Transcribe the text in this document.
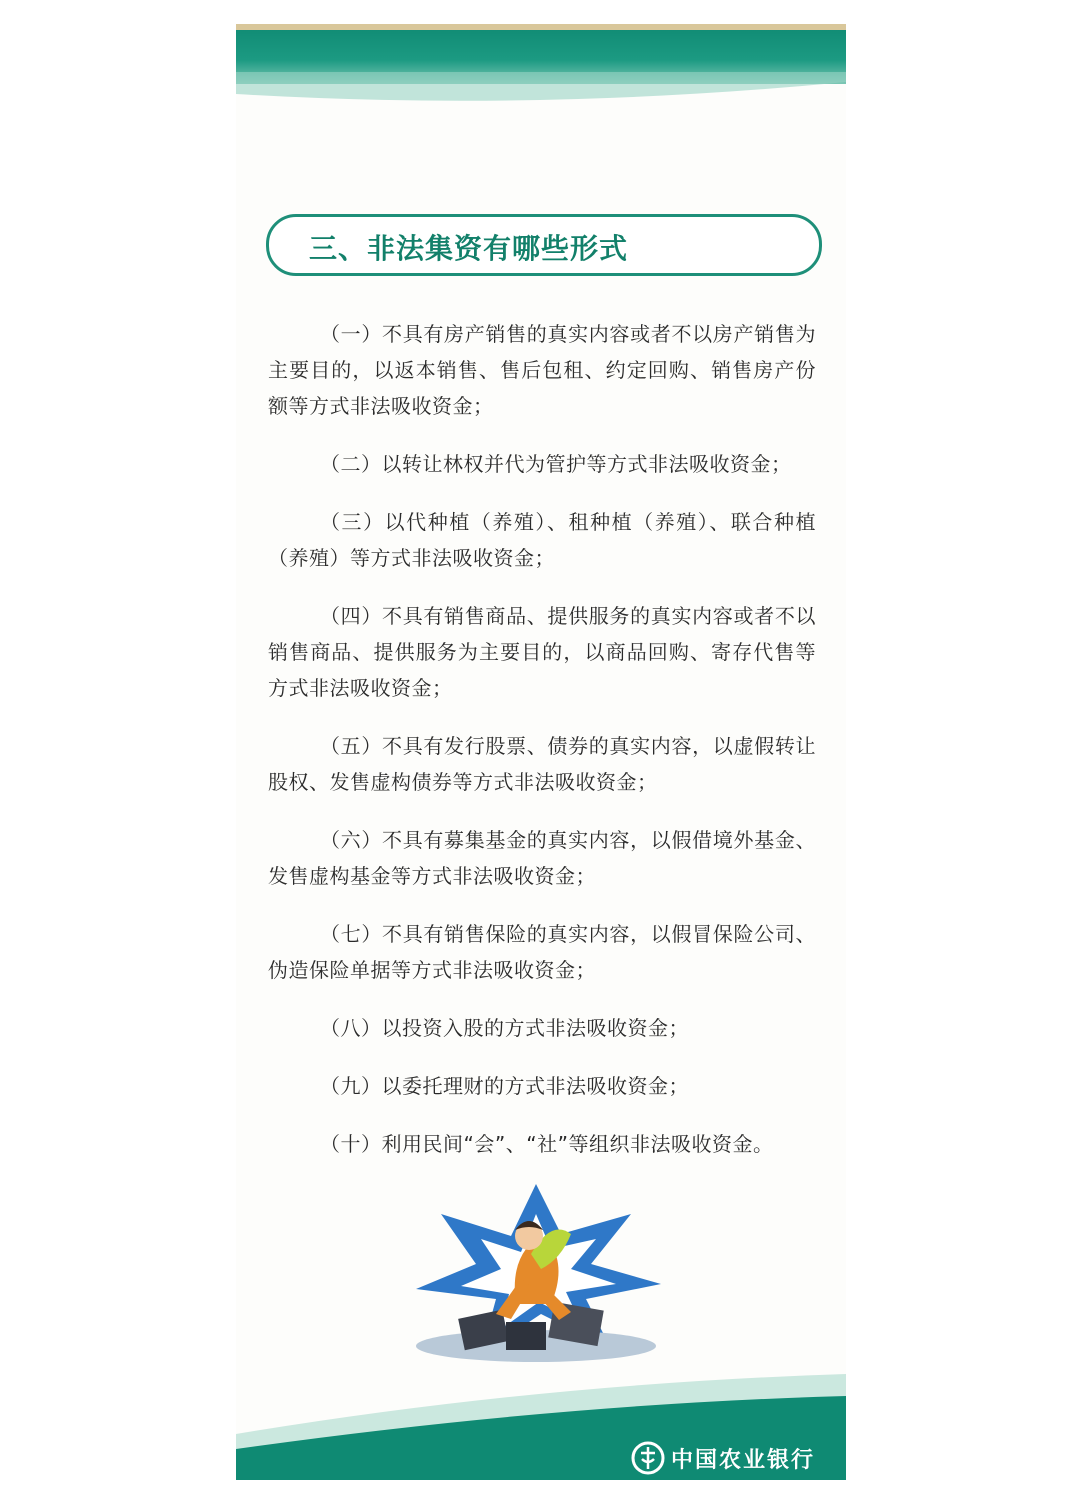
三、非法集资有哪些形式

（一）不具有房产销售的真实内容或者不以房产销售为主要目的，以返本销售、售后包租、约定回购、销售房产份额等方式非法吸收资金；

（二）以转让林权并代为管护等方式非法吸收资金；

（三）以代种植（养殖）、租种植（养殖）、联合种植（养殖）等方式非法吸收资金；

（四）不具有销售商品、提供服务的真实内容或者不以销售商品、提供服务为主要目的，以商品回购、寄存代售等方式非法吸收资金；

（五）不具有发行股票、债券的真实内容，以虚假转让股权、发售虚构债券等方式非法吸收资金；

（六）不具有募集基金的真实内容，以假借境外基金、发售虚构基金等方式非法吸收资金；

（七）不具有销售保险的真实内容，以假冒保险公司、伪造保险单据等方式非法吸收资金；

（八）以投资入股的方式非法吸收资金；

（九）以委托理财的方式非法吸收资金；

（十）利用民间“会”、“社”等组织非法吸收资金。

中国农业银行
